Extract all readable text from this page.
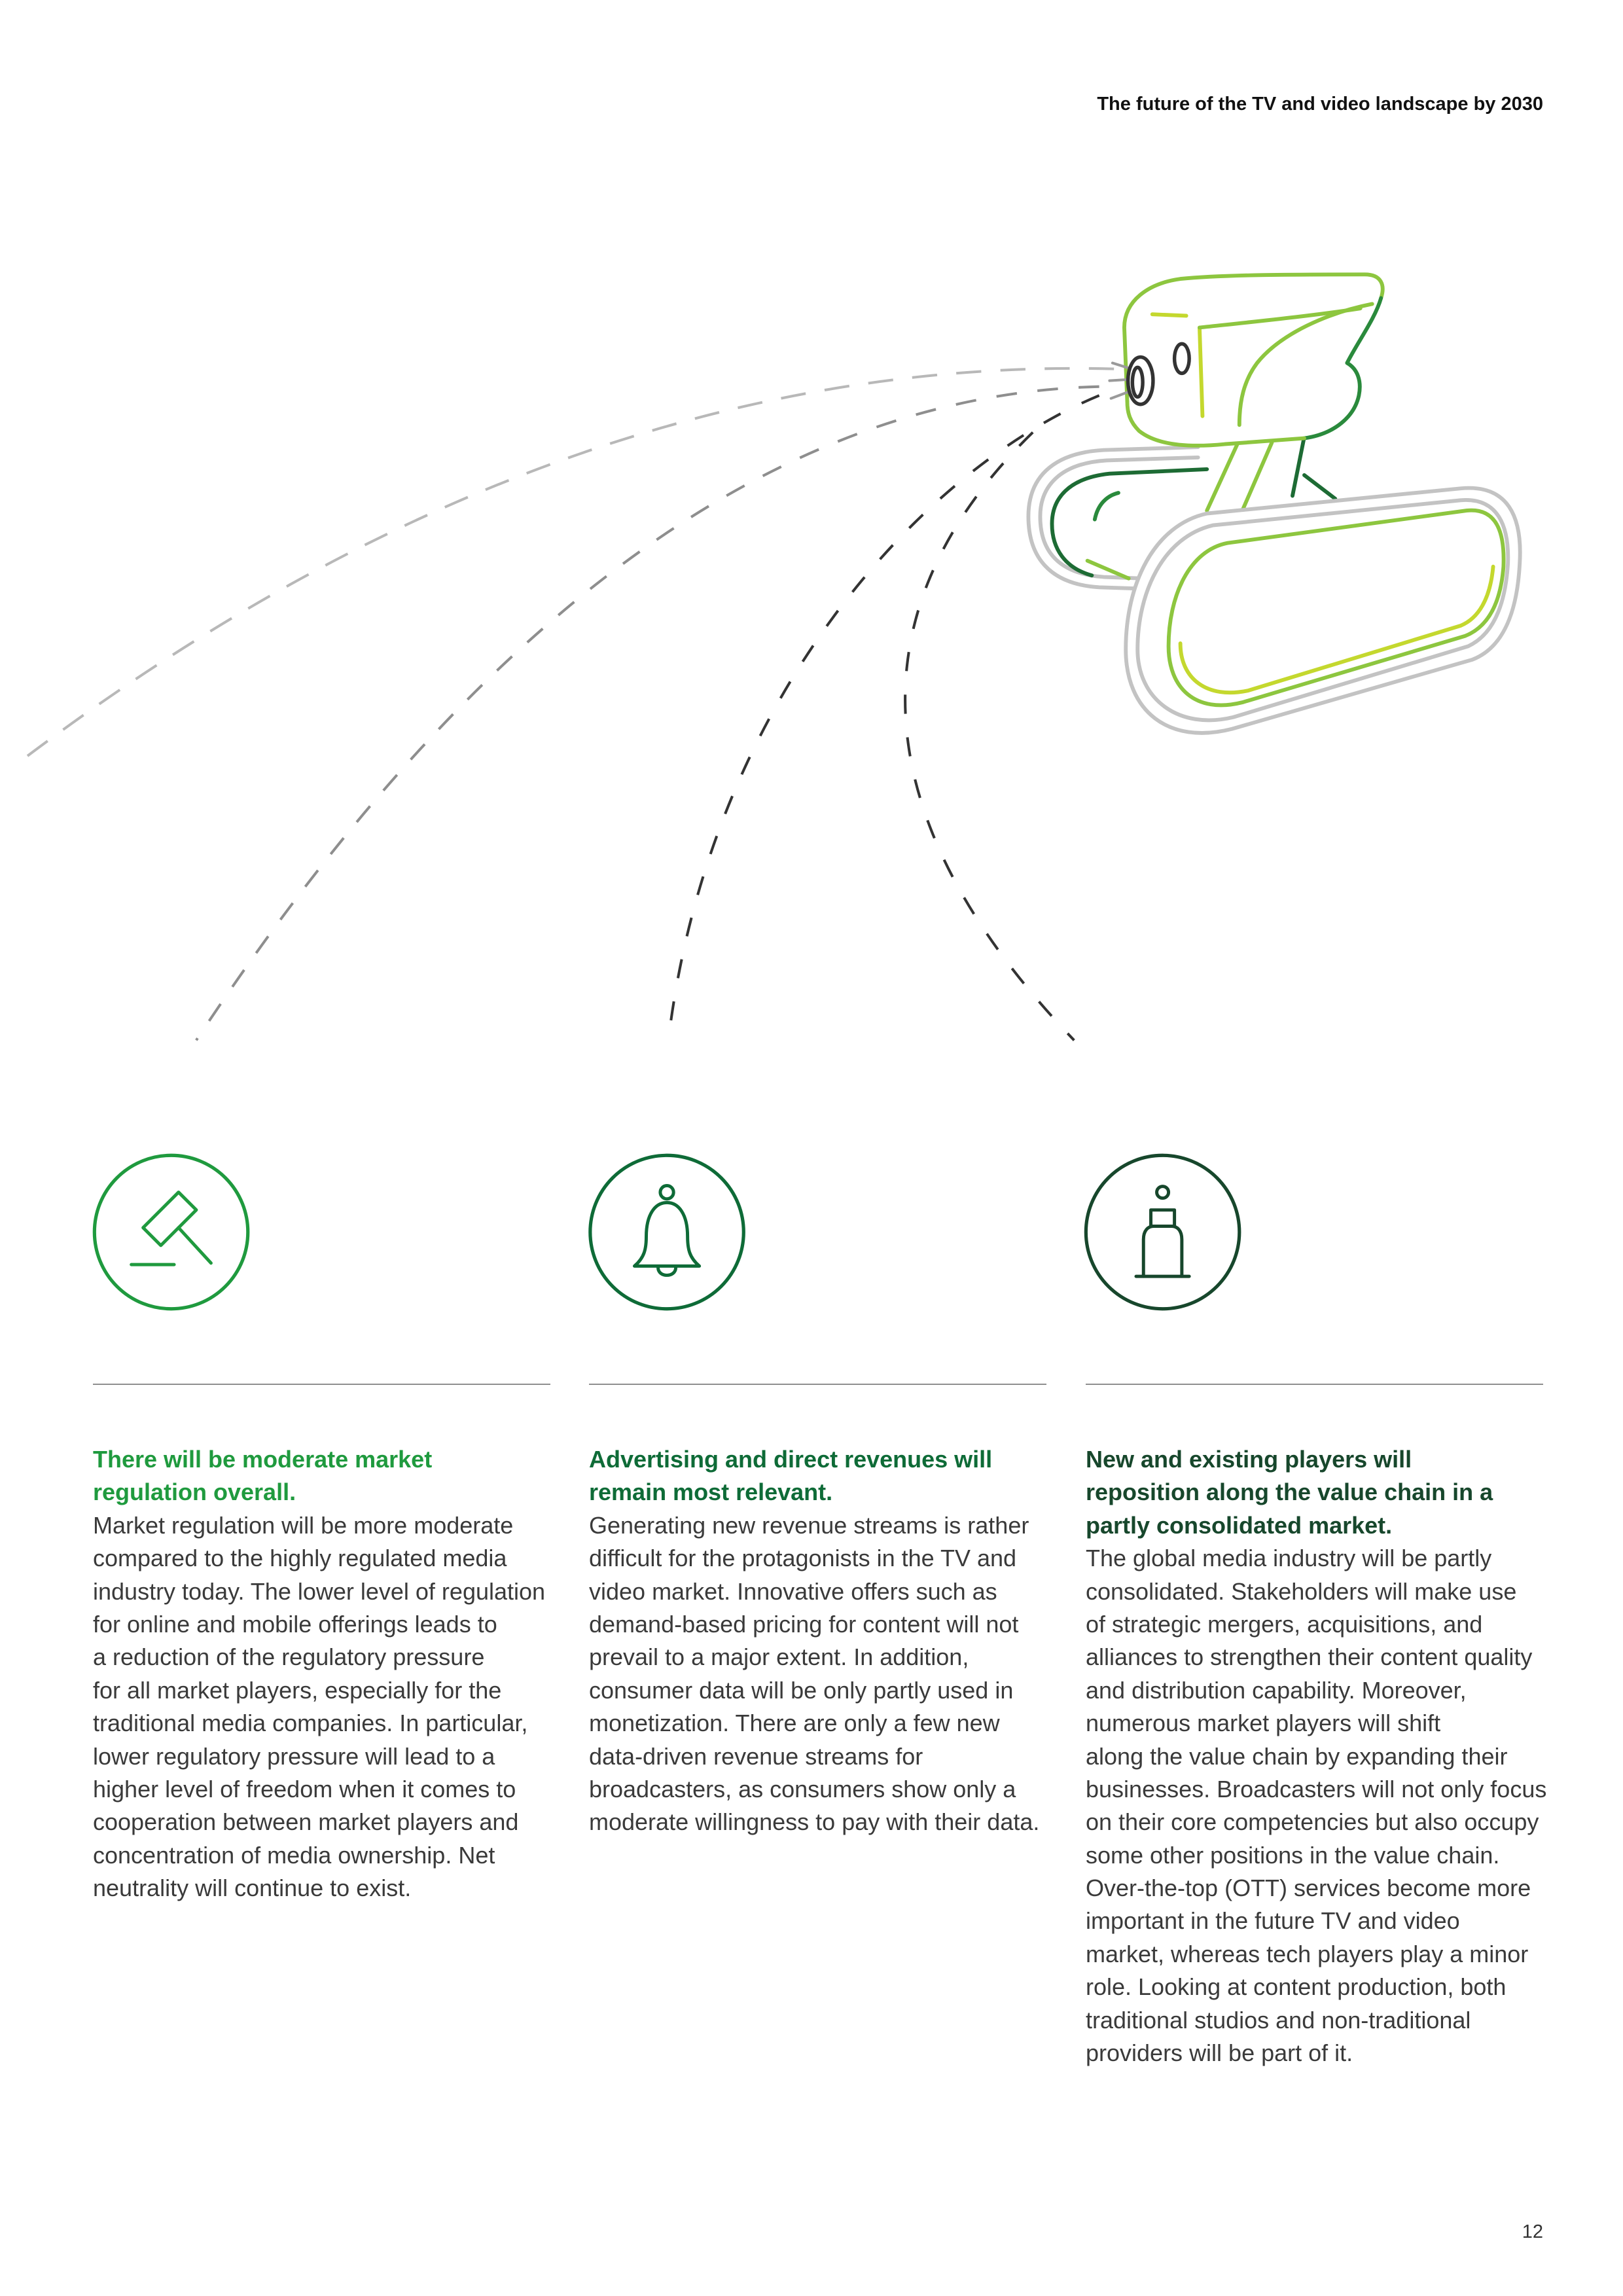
The future of the TV and video landscape by 2030
There will be moderate market
regulation overall.
Market regulation will be more moderate
compared to the highly regulated media
industry today. The lower level of regulation
for online and mobile offerings leads to
a reduction of the regulatory pressure
for all market players, especially for the
traditional media companies. In particular,
lower regulatory pressure will lead to a
higher level of freedom when it comes to
cooperation between market players and
concentration of media ownership. Net
neutrality will continue to exist.
Advertising and direct revenues will
remain most relevant.
Generating new revenue streams is rather
difficult for the protagonists in the TV and
video market. Innovative offers such as
demand-based pricing for content will not
prevail to a major extent. In addition,
consumer data will be only partly used in
monetization. There are only a few new
data-driven revenue streams for
broadcasters, as consumers show only a
moderate willingness to pay with their data.
New and existing players will
reposition along the value chain in a
partly consolidated market.
The global media industry will be partly
consolidated. Stakeholders will make use
of strategic mergers, acquisitions, and
alliances to strengthen their content quality
and distribution capability. Moreover,
numerous market players will shift
along the value chain by expanding their
businesses. Broadcasters will not only focus
on their core competencies but also occupy
some other positions in the value chain.
Over-the-top (OTT) services become more
important in the future TV and video
market, whereas tech players play a minor
role. Looking at content production, both
traditional studios and non-traditional
providers will be part of it.
12
